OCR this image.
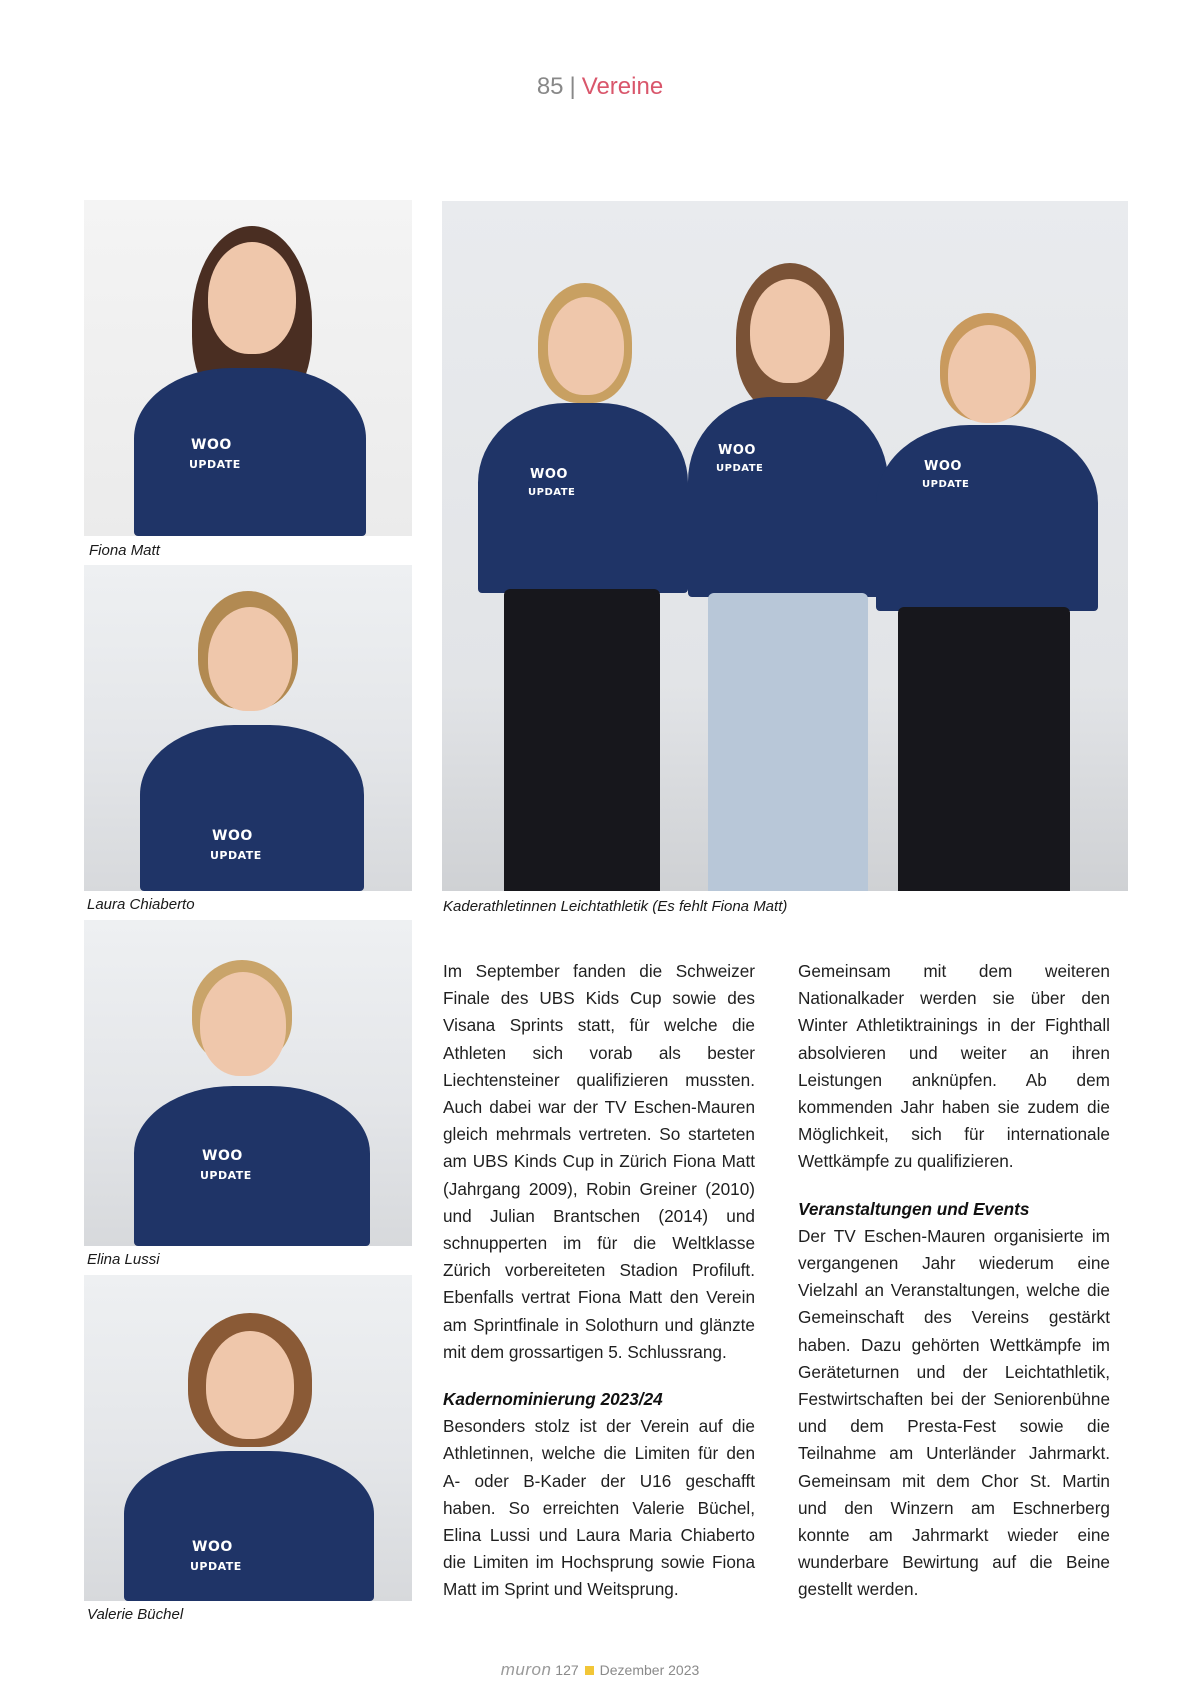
85 | Vereine
WOO
UPDATE
Fiona Matt
WOO
UPDATE
Laura Chiaberto
WOO
UPDATE
Elina Lussi
WOO
UPDATE
Valerie Büchel
WOO
UPDATE
WOO
UPDATE	WOO
UPDATE
Kaderathletinnen Leichtathletik (Es fehlt Fiona Matt)

Im September fanden die Schweizer Finale des UBS Kids Cup sowie des Visana Sprints statt, für welche die Athleten sich vorab als bester Liechtensteiner qualifizieren mussten. Auch dabei war der TV Eschen-Mauren gleich mehrmals vertreten. So starteten am UBS Kinds Cup in Zürich Fiona Matt (Jahrgang 2009), Robin Greiner (2010) und Julian Brantschen (2014) und schnupperten im für die Weltklasse Zürich vorbereiteten Stadion Profiluft. Ebenfalls vertrat Fiona Matt den Verein am Sprintfinale in Solothurn und glänzte mit dem grossartigen 5. Schlussrang.

Kadernominierung 2023/24

Besonders stolz ist der Verein auf die Athletinnen, welche die Limiten für den A- oder B-Kader der U16 geschafft haben. So erreichten Valerie Büchel, Elina Lussi und Laura Maria Chiaberto die Limiten im Hochsprung sowie Fiona Matt im Sprint und Weitsprung.

Gemeinsam mit dem weiteren Nationalkader werden sie über den Winter Athletiktrainings in der Fighthall absolvieren und weiter an ihren Leistungen anknüpfen. Ab dem kommenden Jahr haben sie zudem die Möglichkeit, sich für internationale Wettkämpfe zu qualifizieren.

Veranstaltungen und Events

Der TV Eschen-Mauren organisierte im vergangenen Jahr wiederum eine Vielzahl an Veranstaltungen, welche die Gemeinschaft des Vereins gestärkt haben. Dazu gehörten Wettkämpfe im Geräteturnen und der Leichtathletik, Festwirtschaften bei der Seniorenbühne und dem Presta-Fest sowie die Teilnahme am Unterländer Jahrmarkt. Gemeinsam mit dem Chor St. Martin und den Winzern am Eschnerberg konnte am Jahrmarkt wieder eine wunderbare Bewirtung auf die Beine gestellt werden.

muron 127 Dezember 2023
